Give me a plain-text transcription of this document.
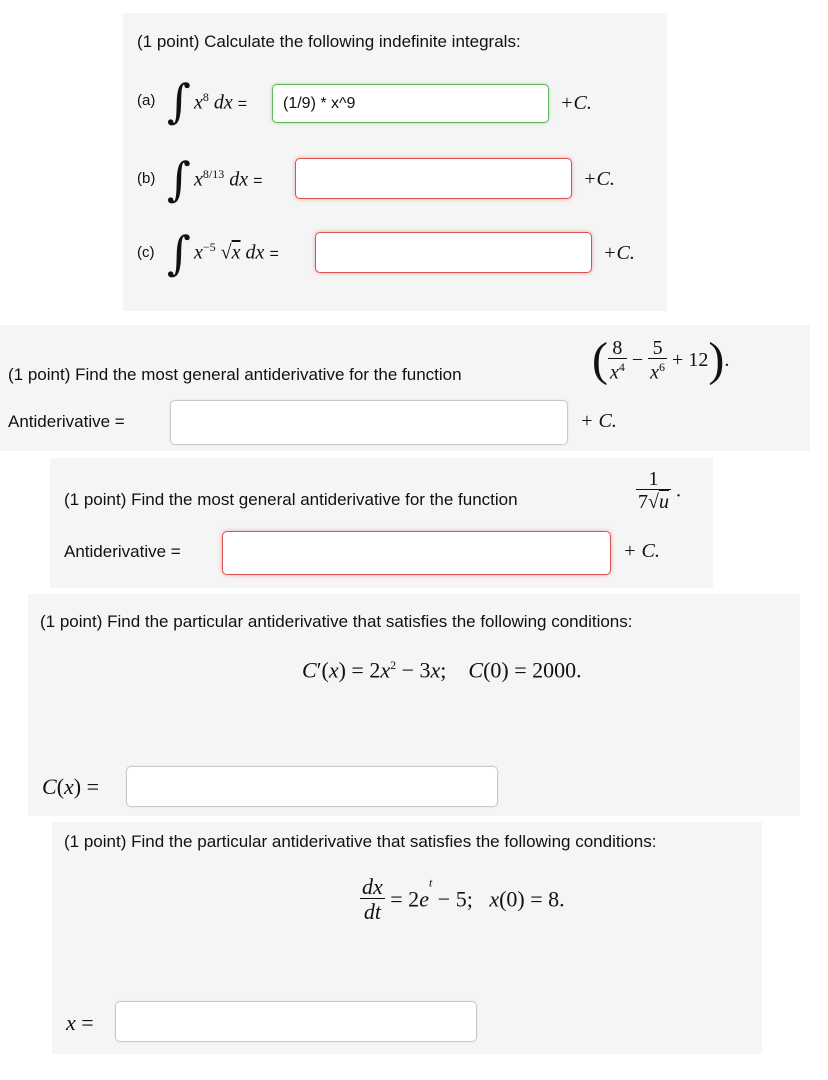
(1 point) Calculate the following indefinite integrals:
(a) ∫ $x^8$ dx =
(1/9) * x^9	+C.
(b) ∫ $x^{8/13}$ dx =	+C.
(c) ∫ $x^{-5}$ √x dx =	+C.
(1 point) Find the most general antiderivative for the function	( $\frac{8}{x^4} - \frac{5}{x^6} + 12$).
Antiderivative =	+ C.
(1 point) Find the most general antiderivative for the function	$\frac{1}{7√u}$ .
Antiderivative =	+ C.
(1 point) Find the particular antiderivative that satisfies the following conditions:
$C'(x) = 2x^2 - 3x$;    C(0) = 2000.
C(x) =
(1 point) Find the particular antiderivative that satisfies the following conditions:
$\frac{dx}{dt} = 2e^t - 5$;   x(0) = 8.
x =
